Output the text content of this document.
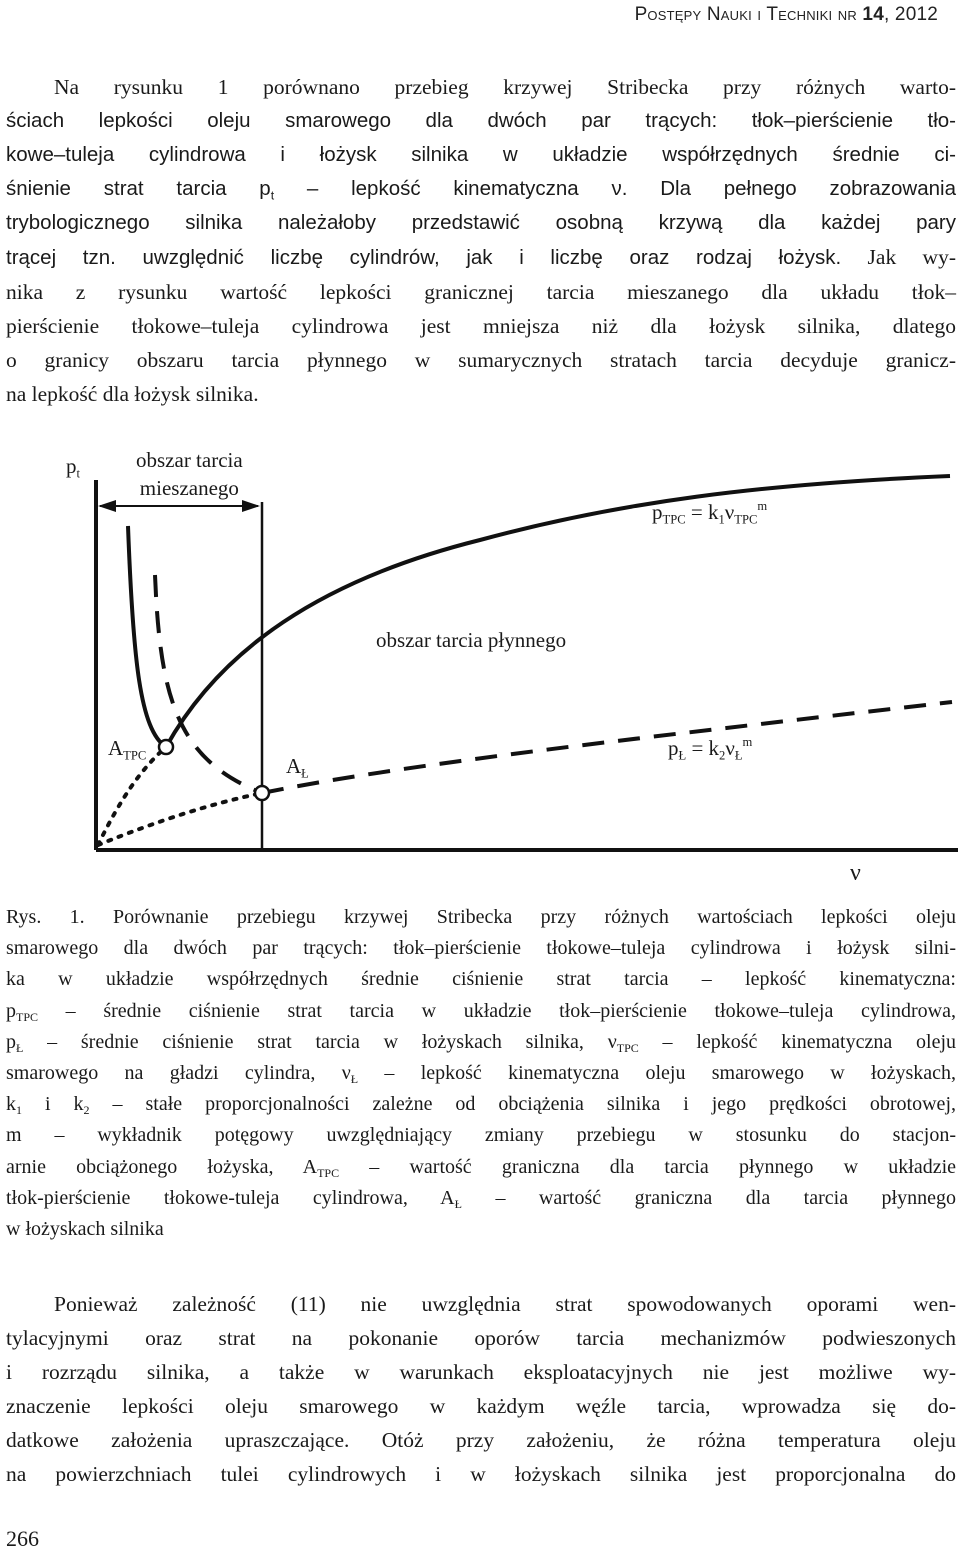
Postępy Nauki i Techniki nr 14, 2012
Na rysunku 1 porównano przebieg krzywej Stribecka przy różnych warto-
ściach lepkości oleju smarowego dla dwóch par trących: tłok–pierścienie tło-
kowe–tuleja cylindrowa i łożysk silnika w układzie współrzędnych średnie ci-
śnienie strat tarcia $p_t$ – lepkość kinematyczna ν. Dla pełnego zobrazowania
trybologicznego silnika należałoby przedstawić osobną krzywą dla każdej pary
trącej tzn. uwzględnić liczbę cylindrów, jak i liczbę oraz rodzaj łożysk. Jak wy-
nika z rysunku wartość lepkości granicznej tarcia mieszanego dla układu tłok–
pierścienie tłokowe–tuleja cylindrowa jest mniejsza niż dla łożysk silnika, dlatego
o granicy obszaru tarcia płynnego w sumarycznych stratach tarcia decyduje granicz-
na lepkość dla łożysk silnika.
$p_t$
obszar tarcia
mieszanego
$p_{TPC} = k_1\nu_{TPC}^m$
obszar tarcia płynnego
$A_{TPC}$	$A_Ł$
$p_Ł = k_2\nu_Ł^m$
ν
Rys. 1. Porównanie przebiegu krzywej Stribecka przy różnych wartościach lepkości oleju
smarowego dla dwóch par trących: tłok–pierścienie tłokowe–tuleja cylindrowa i łożysk silni-
ka w układzie współrzędnych średnie ciśnienie strat tarcia – lepkość kinematyczna:
$p_{TPC}$ – średnie ciśnienie strat tarcia w układzie tłok–pierścienie tłokowe–tuleja cylindrowa,
$p_Ł$ – średnie ciśnienie strat tarcia w łożyskach silnika, $\nu_{TPC}$ – lepkość kinematyczna oleju
smarowego na gładzi cylindra, $\nu_Ł$ – lepkość kinematyczna oleju smarowego w łożyskach,
$k_1$ i $k_2$ – stałe proporcjonalności zależne od obciążenia silnika i jego prędkości obrotowej,
m – wykładnik potęgowy uwzględniający zmiany przebiegu w stosunku do stacjon-
arnie obciążonego łożyska, $A_{TPC}$ – wartość graniczna dla tarcia płynnego w układzie
tłok-pierścienie tłokowe-tuleja cylindrowa, $A_Ł$ – wartość graniczna dla tarcia płynnego
w łożyskach silnika
Ponieważ zależność (11) nie uwzględnia strat spowodowanych oporami wen-
tylacyjnymi oraz strat na pokonanie oporów tarcia mechanizmów podwieszonych
i rozrządu silnika, a także w warunkach eksploatacyjnych nie jest możliwe wy-
znaczenie lepkości oleju smarowego w każdym węźle tarcia, wprowadza się do-
datkowe założenia upraszczające. Otóż przy założeniu, że różna temperatura oleju
na powierzchniach tulei cylindrowych i w łożyskach silnika jest proporcjonalna do
266
